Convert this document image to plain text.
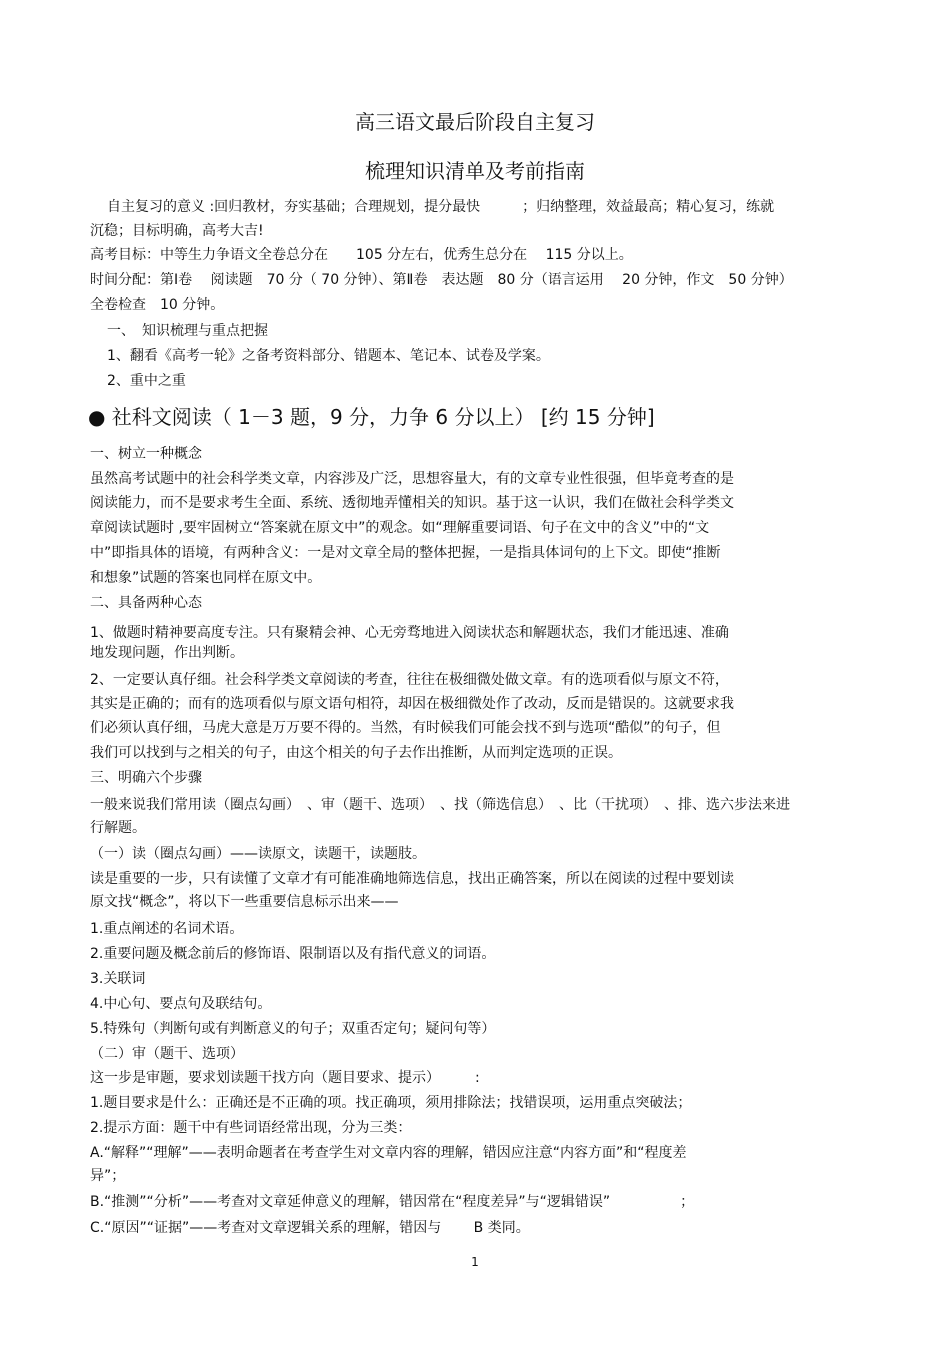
高三语文最后阶段自主复习
梳理知识清单及考前指南
自主复习的意义 :回归教材，夯实基础；合理规划，提分最快　　　；归纳整理，效益最高；精心复习，练就
沉稳；目标明确，高考大吉!
高考目标：中等生力争语文全卷总分在　　105 分左右，优秀生总分在　 115 分以上。
时间分配：第Ⅰ卷　 阅读题　70 分（ 70 分钟）、第Ⅱ卷　表达题　80 分（语言运用　 20 分钟，作文　50 分钟）
全卷检查　10 分钟。
一、　知识梳理与重点把握
1、翻看《高考一轮》之备考资料部分、错题本、笔记本、试卷及学案。
2、重中之重
● 社科文阅读（ 1－3 题，9 分，力争 6 分以上） [约 15 分钟]
一、树立一种概念
虽然高考试题中的社会科学类文章，内容涉及广泛，思想容量大，有的文章专业性很强，但毕竟考查的是
阅读能力，而不是要求考生全面、系统、透彻地弄懂相关的知识。基于这一认识，我们在做社会科学类文
章阅读试题时 ,要牢固树立“答案就在原文中”的观念。如“理解重要词语、句子在文中的含义”中的“文
中”即指具体的语境，有两种含义：一是对文章全局的整体把握，一是指具体词句的上下文。即使“推断
和想象”试题的答案也同样在原文中。
二、具备两种心态
1、做题时精神要高度专注。只有聚精会神、心无旁骛地进入阅读状态和解题状态，我们才能迅速、准确
地发现问题，作出判断。
2、一定要认真仔细。社会科学类文章阅读的考查，往往在极细微处做文章。有的选项看似与原文不符，
其实是正确的；而有的选项看似与原文语句相符，却因在极细微处作了改动，反而是错误的。这就要求我
们必须认真仔细，马虎大意是万万要不得的。当然，有时候我们可能会找不到与选项“酷似”的句子，但
我们可以找到与之相关的句子，由这个相关的句子去作出推断，从而判定选项的正误。
三、明确六个步骤
一般来说我们常用读（圈点勾画）　、审（题干、选项）　、找（筛选信息）　、比（干扰项）　、排、选六步法来进
行解题。
（一）读（圈点勾画）——读原文，读题干，读题肢。
读是重要的一步，只有读懂了文章才有可能准确地筛选信息，找出正确答案，所以在阅读的过程中要划读
原文找“概念”，将以下一些重要信息标示出来——
1.重点阐述的名词术语。
2.重要问题及概念前后的修饰语、限制语以及有指代意义的词语。
3.关联词
4.中心句、要点句及联结句。
5.特殊句（判断句或有判断意义的句子；双重否定句；疑问句等）
（二）审（题干、选项）
这一步是审题，要求划读题干找方向（题目要求、提示）　　　:
1.题目要求是什么：正确还是不正确的项。找正确项，须用排除法；找错误项，运用重点突破法；
2.提示方面：题干中有些词语经常出现，分为三类：
A.“解释”“理解”——表明命题者在考查学生对文章内容的理解，错因应注意“内容方面”和“程度差
异”；
B.“推测”“分析”——考查对文章延伸意义的理解，错因常在“程度差异”与“逻辑错误”　　　　　；
C.“原因”“证据”——考查对文章逻辑关系的理解，错因与　　 B 类同。
1
